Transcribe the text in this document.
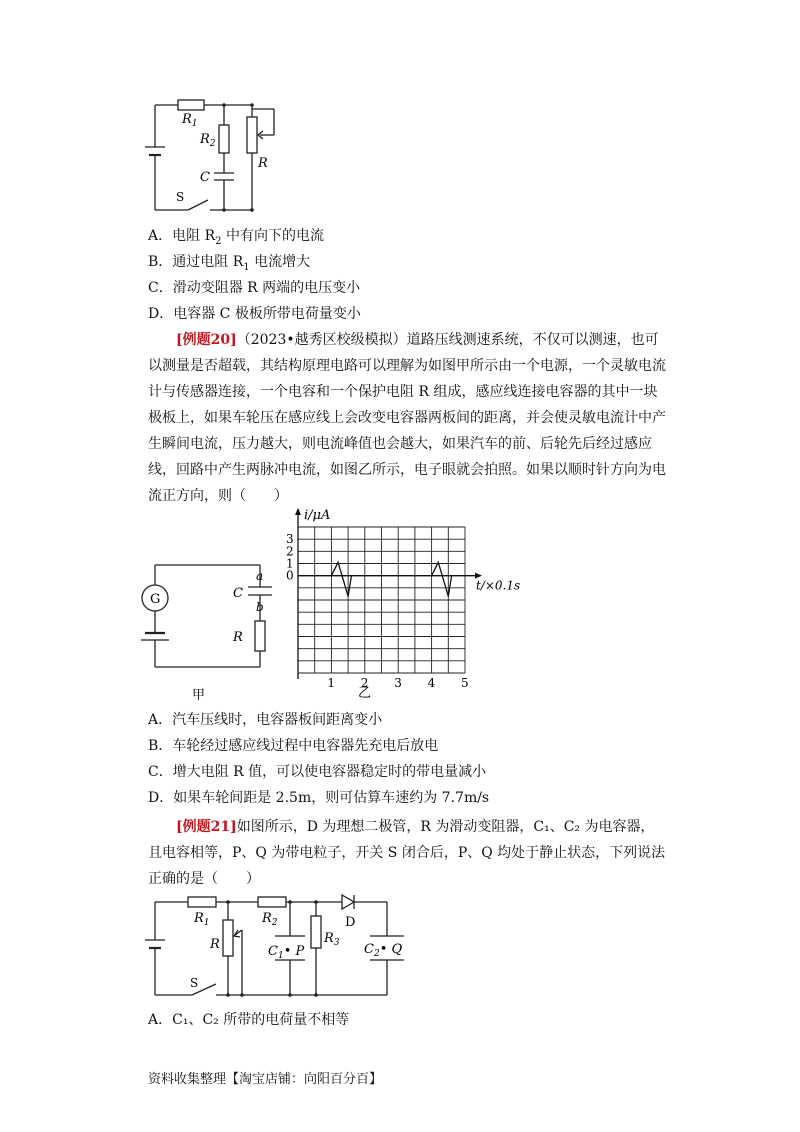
$R_1$
$R_2$
C
R
S
A．电阻 $R_2$ 中有向下的电流
B．通过电阻 $R_1$ 电流增大
C．滑动变阻器 R 两端的电压变小
D．电容器 C 极板所带电荷量变小
[例题20]（2023•越秀区校级模拟）道路压线测速系统，不仅可以测速，也可以测量是否超载，其结构原理电路可以理解为如图甲所示由一个电源，一个灵敏电流计与传感器连接，一个电容和一个保护电阻 R 组成，感应线连接电容器的其中一块极板上，如果车轮压在感应线上会改变电容器两板间的距离，并会使灵敏电流计中产生瞬间电流，压力越大，则电流峰值也会越大，如果汽车的前、后轮先后经过感应线，回路中产生两脉冲电流，如图乙所示，电子眼就会拍照。如果以顺时针方向为电流正方向，则（　　）
G	C
a
b
R
甲
i/μA
t/×0.1s
3
2
1
0
1 2 3 4 5
乙
A．汽车压线时，电容器板间距离变小
B．车轮经过感应线过程中电容器先充电后放电
C．增大电阻 R 值，可以使电容器稳定时的带电量减小
D．如果车轮间距是 2.5m，则可估算车速约为 7.7m/s
[例题21]如图所示，D 为理想二极管，R 为滑动变阻器，C₁、C₂ 为电容器，且电容相等，P、Q 为带电粒子，开关 S 闭合后，P、Q 均处于静止状态，下列说法正确的是（　　）
$R_1$	$R_2$
R
D
$R_3$
$C_1•$ P	$C_2•$ Q
S
A．C₁、C₂ 所带的电荷量不相等
资料收集整理【淘宝店铺：向阳百分百】
